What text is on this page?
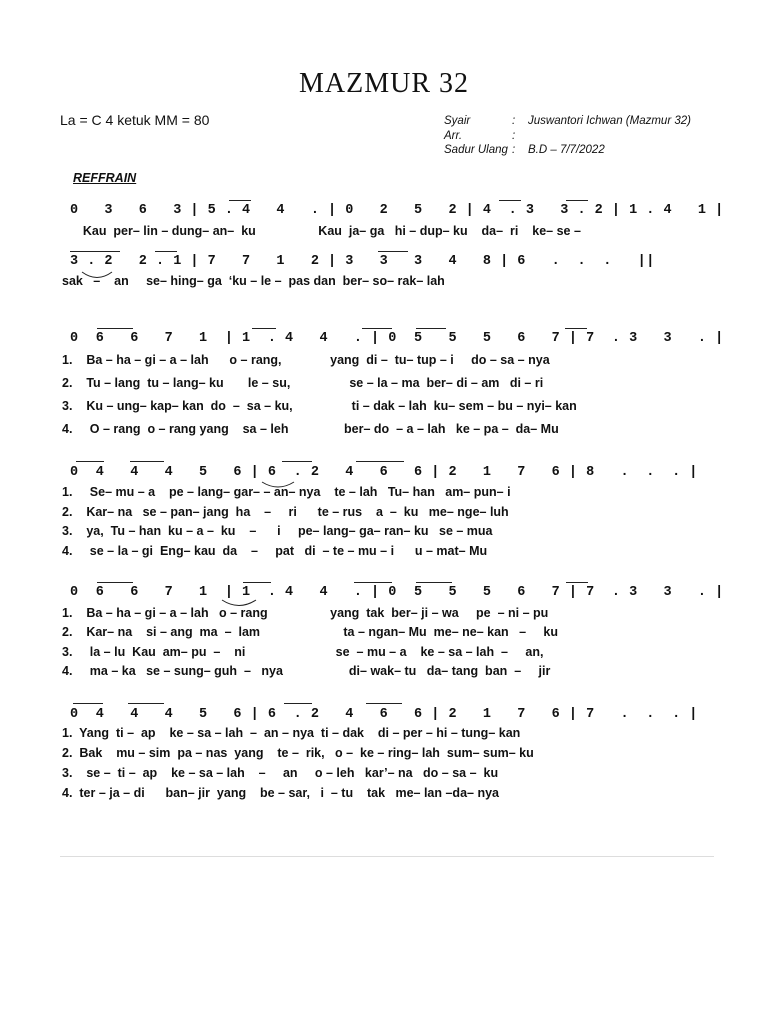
MAZMUR 32
La = C 4 ketuk MM = 80	Syair	:	Juswantori Ichwan (Mazmur 32)
Arr.	:
Sadur Ulang :	B.D – 7/7/2022
REFFRAIN
0   3   6   3 | 5 . 4   4   . | 0   2   5   2 | 4  . 3   3 . 2 | 1 . 4   1 |
Kau  per– lin – dung– an–  ku                  Kau  ja– ga   hi – dup– ku    da–  ri    ke– se –
3 . 2   2 . 1 | 7   7   1   2 | 3   3   3   4   8 | 6   .  .  .   ||
sak   –    an     se– hing– ga  ‘ku – le –  pas dan  ber– so– rak– lah
0  6   6   7   1  | 1  . 4   4   . | 0  5   5   5   6   7 | 7  . 3   3   . |
1.    Ba – ha – gi – a – lah      o – rang,              yang  di –  tu– tup – i     do – sa – nya
2.    Tu – lang  tu – lang– ku       le – su,                 se – la – ma  ber– di – am   di – ri
3.    Ku – ung– kap– kan  do  –  sa – ku,                 ti – dak – lah  ku– sem – bu – nyi– kan
4.     O – rang  o – rang yang    sa – leh                ber– do  – a – lah   ke – pa –  da– Mu
0  4   4   4   5   6 | 6  . 2   4   6   6 | 2   1   7   6 | 8   .  .  . |
1.     Se– mu – a    pe – lang– gar– – an– nya    te – lah   Tu– han   am– pun– i
2.    Kar– na   se – pan– jang  ha    –     ri      te – rus    a  –  ku   me– nge– luh
3.    ya,  Tu – han  ku – a –  ku    –      i     pe– lang– ga– ran– ku   se – mua
4.     se – la – gi  Eng– kau  da    –     pat   di  – te – mu – i      u – mat– Mu
0  6   6   7   1  | 1  . 4   4   . | 0  5   5   5   6   7 | 7  . 3   3   . |
1.    Ba – ha – gi – a – lah   o – rang                  yang  tak  ber– ji – wa     pe  – ni – pu
2.    Kar– na    si – ang  ma  –  lam                        ta – ngan– Mu  me– ne– kan   –     ku
3.     la – lu  Kau  am– pu  –    ni                          se  – mu – a    ke – sa – lah  –     an,
4.     ma – ka   se – sung– guh  –   nya                   di– wak– tu   da– tang  ban  –     jir
0  4   4   4   5   6 | 6  . 2   4   6   6 | 2   1   7   6 | 7   .  .  . |
1.  Yang  ti –  ap    ke – sa – lah  –  an – nya  ti – dak    di – per – hi – tung– kan
2.  Bak    mu – sim  pa – nas  yang    te –  rik,   o –  ke – ring– lah  sum– sum– ku
3.    se –  ti –  ap    ke – sa – lah    –     an     o – leh   kar’– na   do – sa –  ku
4.  ter – ja – di      ban– jir  yang    be – sar,   i  – tu    tak   me– lan –da– nya
